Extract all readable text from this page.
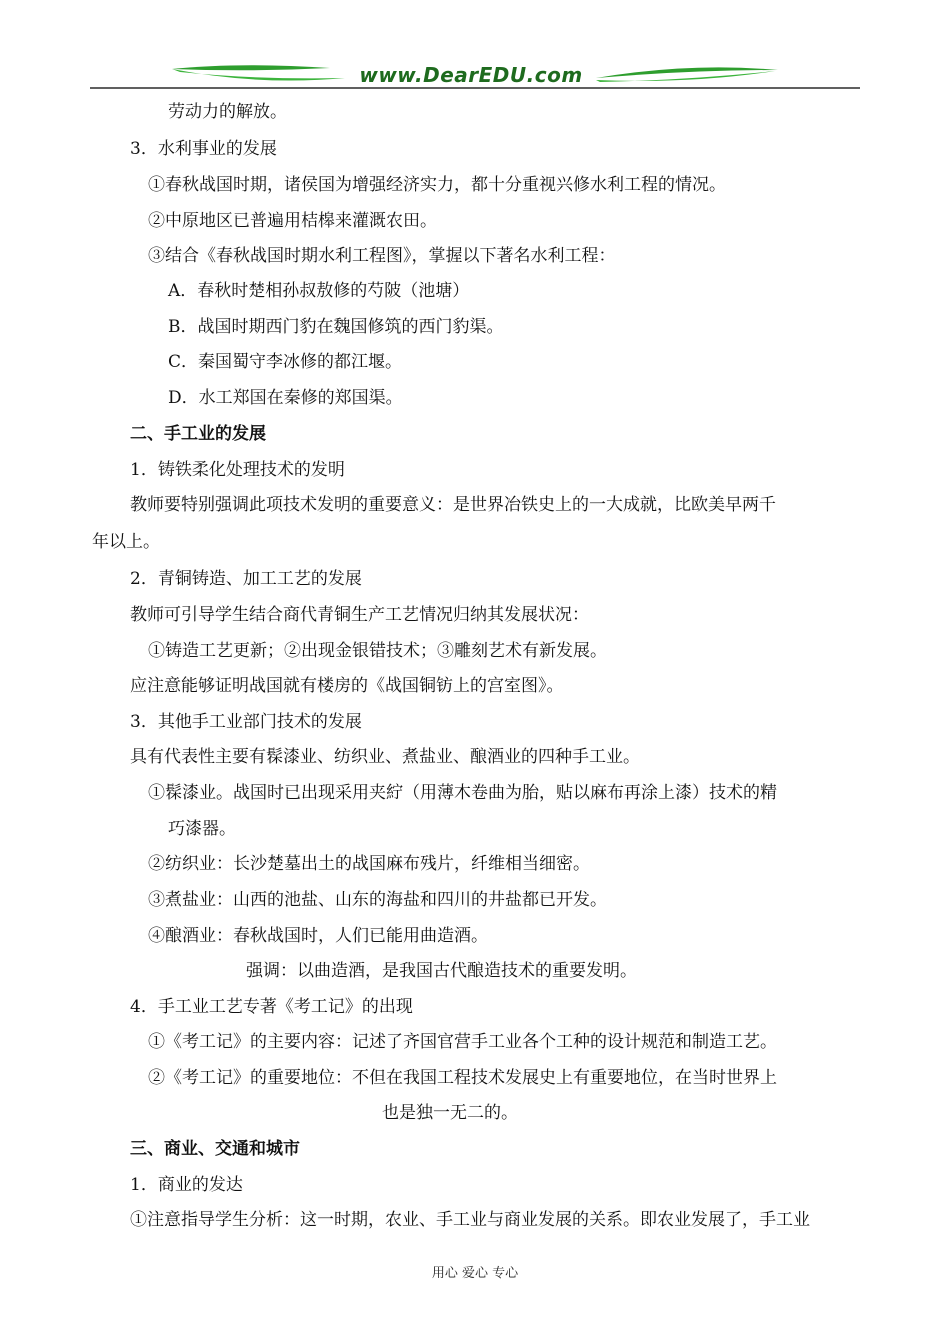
www.DearEDU.com
劳动力的解放。
3．水利事业的发展
①春秋战国时期，诸侯国为增强经济实力，都十分重视兴修水利工程的情况。
②中原地区已普遍用桔槔来灌溉农田。
③结合《春秋战国时期水利工程图》，掌握以下著名水利工程：
A．春秋时楚相孙叔敖修的芍陂（池塘）
B．战国时期西门豹在魏国修筑的西门豹渠。
C．秦国蜀守李冰修的都江堰。
D．水工郑国在秦修的郑国渠。
二、手工业的发展
1．铸铁柔化处理技术的发明
教师要特别强调此项技术发明的重要意义：是世界冶铁史上的一大成就，比欧美早两千
年以上。
2．青铜铸造、加工工艺的发展
教师可引导学生结合商代青铜生产工艺情况归纳其发展状况：
①铸造工艺更新；②出现金银错技术；③雕刻艺术有新发展。
应注意能够证明战国就有楼房的《战国铜钫上的宫室图》。
3．其他手工业部门技术的发展
具有代表性主要有髹漆业、纺织业、煮盐业、酿酒业的四种手工业。
①髹漆业。战国时已出现采用夹紵（用薄木卷曲为胎，贴以麻布再涂上漆）技术的精
巧漆器。
②纺织业：长沙楚墓出土的战国麻布残片，纤维相当细密。
③煮盐业：山西的池盐、山东的海盐和四川的井盐都已开发。
④酿酒业：春秋战国时，人们已能用曲造酒。
强调：以曲造酒，是我国古代酿造技术的重要发明。
4．手工业工艺专著《考工记》的出现
①《考工记》的主要内容：记述了齐国官营手工业各个工种的设计规范和制造工艺。
②《考工记》的重要地位：不但在我国工程技术发展史上有重要地位，在当时世界上
也是独一无二的。
三、商业、交通和城市
1．商业的发达
①注意指导学生分析：这一时期，农业、手工业与商业发展的关系。即农业发展了，手工业
用心 爱心 专心
